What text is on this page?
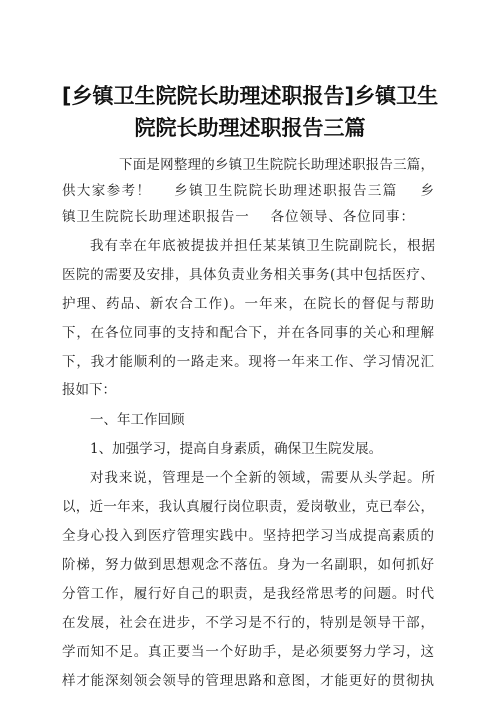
[乡镇卫生院院长助理述职报告]乡镇卫生
院院长助理述职报告三篇

下面是网整理的乡镇卫生院院长助理述职报告三篇，

供大家参考！    乡镇卫生院院长助理述职报告三篇    乡

镇卫生院院长助理述职报告一    各位领导、各位同事：

我有幸在年底被提拔并担任某某镇卫生院副院长，根据

医院的需要及安排，具体负责业务相关事务(其中包括医疗、

护理、药品、新农合工作)。一年来，在院长的督促与帮助

下，在各位同事的支持和配合下，并在各同事的关心和理解

下，我才能顺利的一路走来。现将一年来工作、学习情况汇

报如下：

一、年工作回顾

1、加强学习，提高自身素质，确保卫生院发展。

对我来说，管理是一个全新的领域，需要从头学起。所

以，近一年来，我认真履行岗位职责，爱岗敬业，克已奉公，

全身心投入到医疗管理实践中。坚持把学习当成提高素质的

阶梯，努力做到思想观念不落伍。身为一名副职，如何抓好

分管工作，履行好自己的职责，是我经常思考的问题。时代

在发展，社会在进步，不学习是不行的，特别是领导干部，

学而知不足。真正要当一个好助手，是必须要努力学习，这

样才能深刻领会领导的管理思路和意图，才能更好的贯彻执
